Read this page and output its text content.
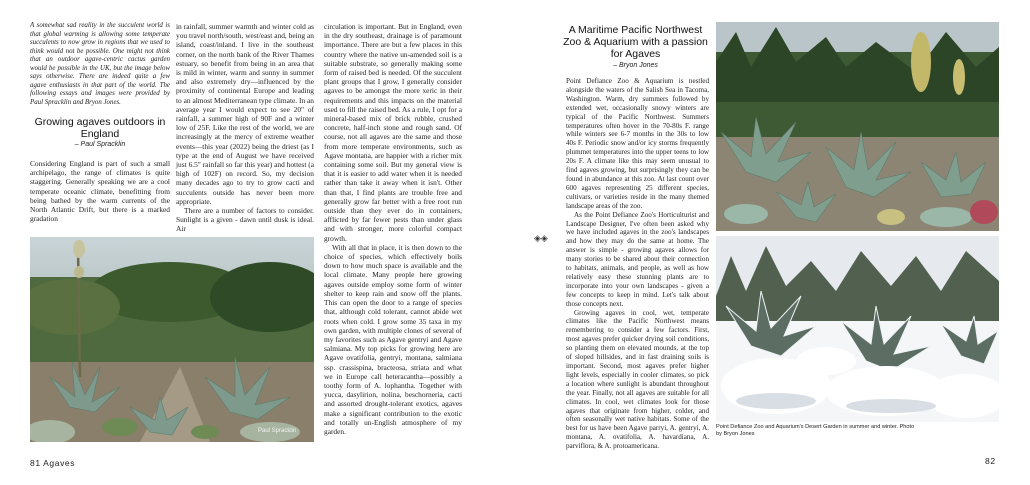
A somewhat sad reality in the succulent world is that global warming is allowing some temperate succulents to now grow in regions that we used to think would not be possible. One might not think that an outdoor agave-centric cactus garden would be possible in the UK, but the image below says otherwise. There are indeed quite a few agave enthusiasts in that part of the world. The following essays and images were provided by Paul Spracklin and Bryon Jones.
Growing agaves outdoors in England
– Paul Spracklin

Considering England is part of such a small archipelago, the range of climates is quite staggering. Generally speaking we are a cool temperate oceanic climate, benefitting from being bathed by the warm currents of the North Atlantic Drift, but there is a marked gradation

in rainfall, summer warmth and winter cold as you travel north/south, west/east and, being an island, coast/inland. I live in the southeast corner, on the north bank of the River Thames estuary, so benefit from being in an area that is mild in winter, warm and sunny in summer and also extremely dry—influenced by the proximity of continental Europe and leading to an almost Mediterranean type climate. In an average year I would expect to see 20" of rainfall, a summer high of 90F and a winter low of 25F. Like the rest of the world, we are increasingly at the mercy of extreme weather events—this year (2022) being the driest (as I type at the end of August we have received just 6.5" rainfall so far this year) and hottest (a high of 102F) on record. So, my decision many decades ago to try to grow cacti and succulents outside has never been more appropriate.

There are a number of factors to consider. Sunlight is a given - dawn until dusk is ideal. Air

circulation is important. But in England, even in the dry southeast, drainage is of paramount importance. There are but a few places in this country where the native un-amended soil is a suitable substrate, so generally making some form of raised bed is needed. Of the succulent plant groups that I grow, I generally consider agaves to be amongst the more xeric in their requirements and this impacts on the material used to fill the raised bed. As a rule, I opt for a mineral-based mix of brick rubble, crushed concrete, half-inch stone and rough sand. Of course, not all agaves are the same and those from more temperate environments, such as Agave montana, are happier with a richer mix containing some soil. But my general view is that it is easier to add water when it is needed rather than take it away when it isn't. Other than that, I find plants are trouble free and generally grow far better with a free root run outside than they ever do in containers, afflicted by far fewer pests than under glass and with stronger, more colorful compact growth.

With all that in place, it is then down to the choice of species, which effectively boils down to how much space is available and the local climate. Many people here growing agaves outside employ some form of winter shelter to keep rain and snow off the plants. This can open the door to a range of species that, although cold tolerant, cannot abide wet roots when cold. I grow some 35 taxa in my own garden, with multiple clones of several of my favorites such as Agave gentryi and Agave salmiana. My top picks for growing here are Agave ovatifolia, gentryi, montana, salmiana ssp. crassispina, bracteosa, striata and what we in Europe call heteracantha—possibly a toothy form of A. lophantha. Together with yucca, dasylirion, nolina, beschorneria, cacti and assorted drought-tolerant exotics, agaves make a significant contribution to the exotic and totally un-English atmosphere of my garden.

Paul Spracklin
81 Agaves
◈◈
A Maritime Pacific Northwest Zoo & Aquarium with a passion for Agaves
– Bryon Jones

Point Defiance Zoo & Aquarium is nestled alongside the waters of the Salish Sea in Tacoma, Washington. Warm, dry summers followed by extended wet, occasionally snowy winters are typical of the Pacific Northwest. Summers temperatures often hover in the 70-80s F. range while winters see 6-7 months in the 30s to low 40s F. Periodic snow and/or icy storms frequently plummet temperatures into the upper teens to low 20s F. A climate like this may seem unusual to find agaves growing, but surprisingly they can be found in abundance at this zoo. At last count over 600 agaves representing 25 different species, cultivars, or varieties reside in the many themed landscape areas of the zoo.

As the Point Defiance Zoo's Horticulturist and Landscape Designer, I've often been asked why we have included agaves in the zoo's landscapes and how they may do the same at home. The answer is simple - growing agaves allows for many stories to be shared about their connection to habitats, animals, and people, as well as how relatively easy these stunning plants are to incorporate into your own landscapes - given a few concepts to keep in mind. Let's talk about those concepts next.

Growing agaves in cool, wet, temperate climates like the Pacific Northwest means remembering to consider a few factors. First, most agaves prefer quicker drying soil conditions, so planting them on elevated mounds, at the top of sloped hillsides, and in fast draining soils is important. Second, most agaves prefer higher light levels, especially in cooler climates, so pick a location where sunlight is abundant throughout the year. Finally, not all agaves are suitable for all climates. In cool, wet climates look for those agaves that originate from higher, colder, and often seasonally wet native habitats. Some of the best for us have been Agave parryi, A. gentryi, A. montana, A. ovatifolia, A. havardiana, A. parviflora, & A. protoamericana.

Point Defiance Zoo and Aquarium's Desert Garden in summer and winter. Photo by Bryon Jones
82
